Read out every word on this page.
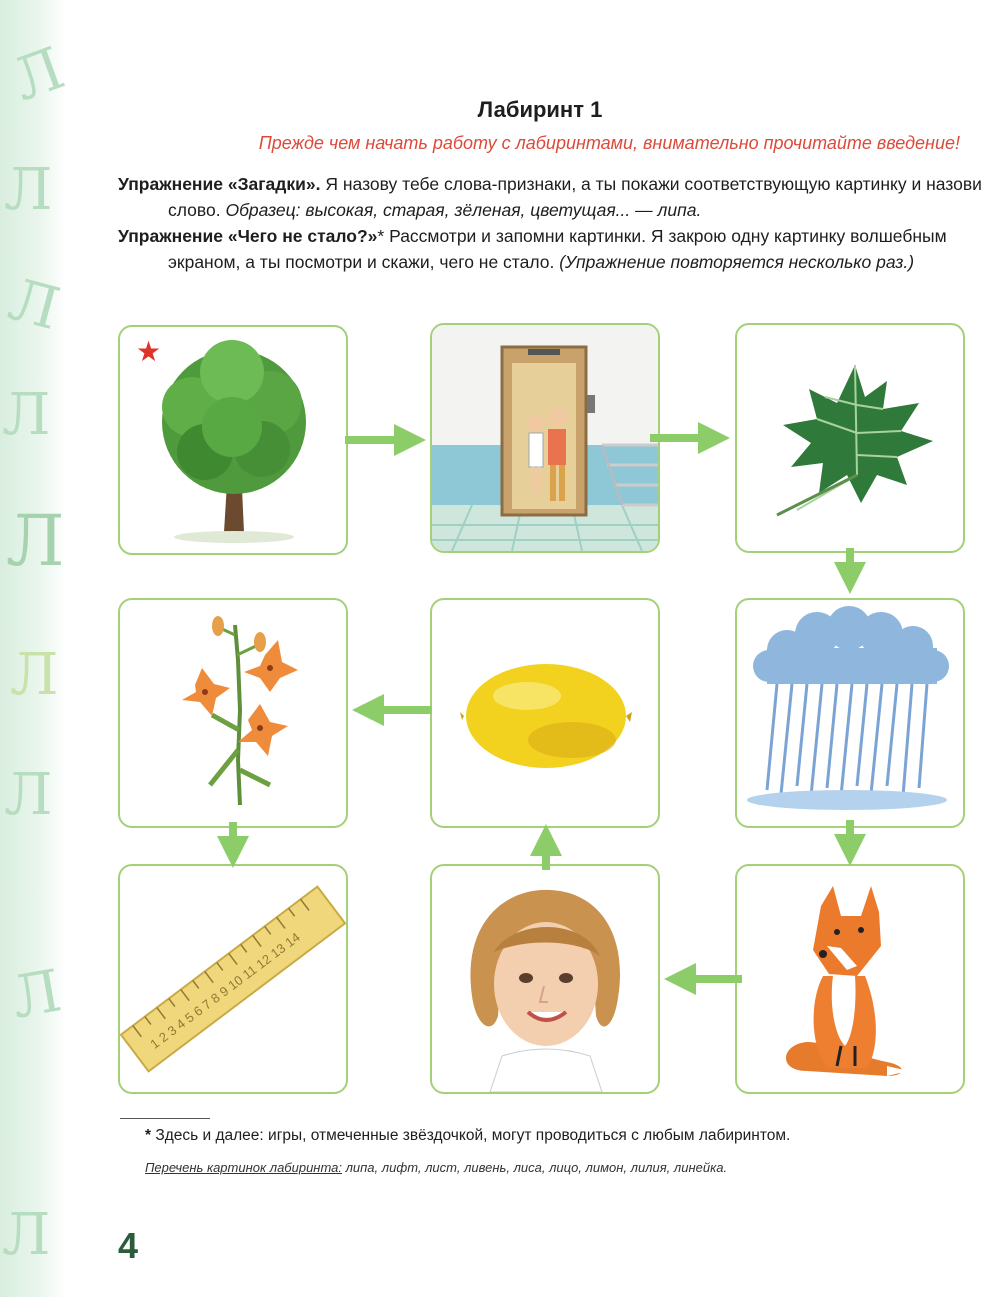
Л
Л
Л
Л
Л
Л
Л
Л
Л
Лабиринт 1
Прежде чем начать работу с лабиринтами, внимательно прочитайте введение!
Упражнение «Загадки». Я назову тебе слова-признаки, а ты покажи соответствующую картинку и назови слово. Образец: высокая, старая, зёленая, цветущая... — липа.
Упражнение «Чего не стало?»* Рассмотри и запомни картинки. Я закрою одну картинку волшебным экраном, а ты посмотри и скажи, чего не стало. (Упражнение повторяется несколько раз.)
★
1 2 3 4 5 6 7 8 9 10 11 12 13 14
* Здесь и далее: игры, отмеченные звёздочкой, могут проводиться с любым лабиринтом.
Перечень картинок лабиринта: липа, лифт, лист, ливень, лиса, лицо, лимон, лилия, линейка.
4
